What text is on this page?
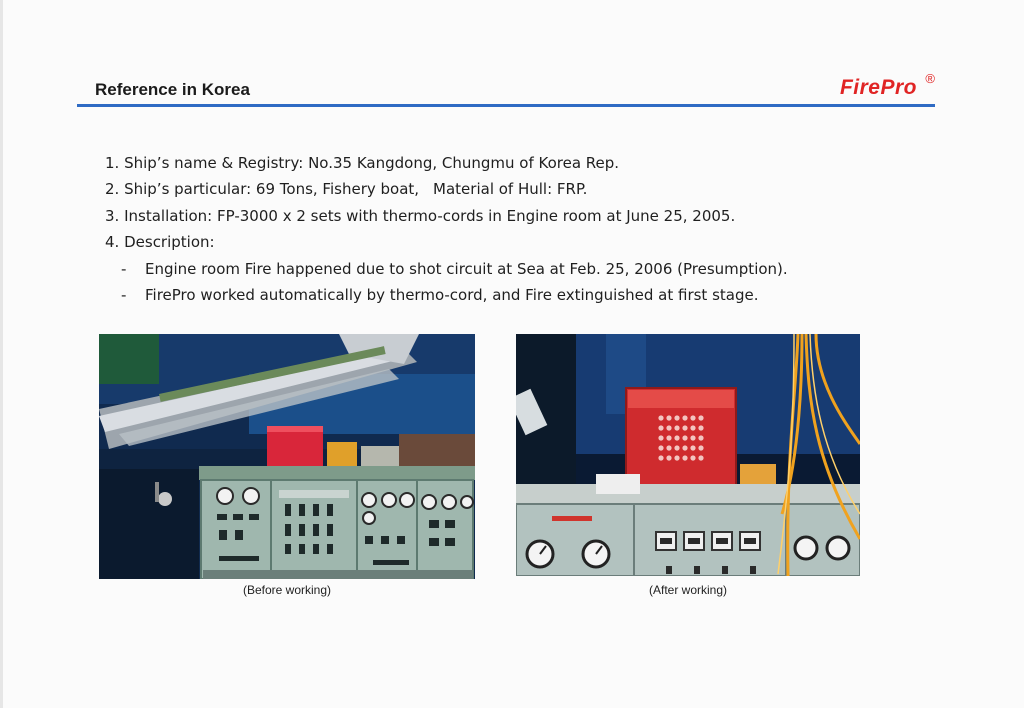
Reference in Korea	FirePro ®
1. Ship’s name & Registry: No.35 Kangdong, Chungmu of Korea Rep.
2. Ship’s particular: 69 Tons, Fishery boat, Material of Hull: FRP.
3. Installation: FP-3000 x 2 sets with thermo-cords in Engine room at June 25, 2005.
4. Description:
- Engine room Fire happened due to shot circuit at Sea at Feb. 25, 2006 (Presumption).
- FirePro worked automatically by thermo-cord, and Fire extinguished at first stage.
(Before working)	(After working)
